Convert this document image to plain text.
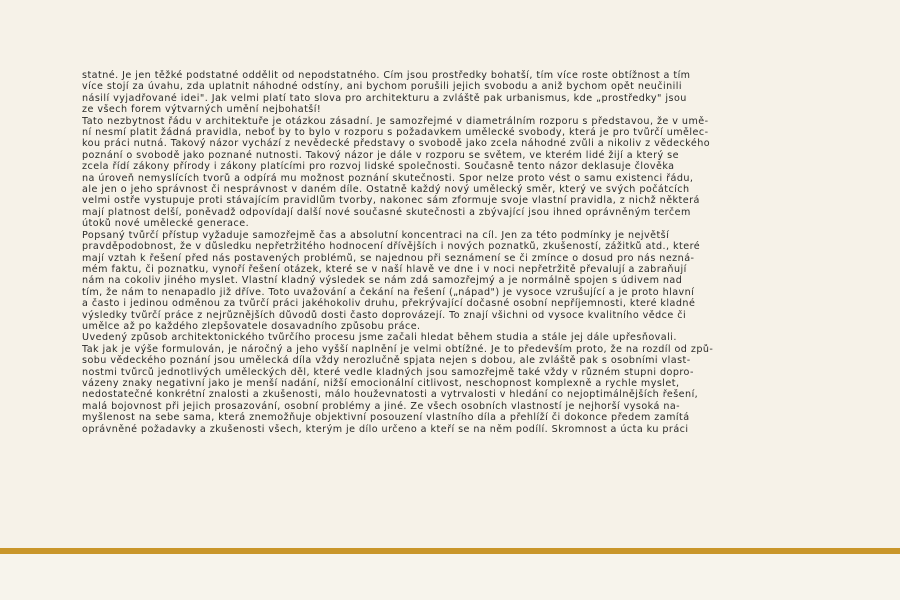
statné. Je jen těžké podstatné oddělit od nepodstatného. Čím jsou prostředky bohatší, tím více roste obtížnost a tím
více stojí za úvahu, zda uplatnit náhodné odstíny, ani bychom porušili jejich svobodu a aniž bychom opět neučinili
násilí vyjadřované idei". Jak velmi platí tato slova pro architekturu a zvláště pak urbanismus, kde „prostředky" jsou
ze všech forem výtvarných umění nejbohatší!
Tato nezbytnost řádu v architektuře je otázkou zásadní. Je samozřejmé v diametrálním rozporu s představou, že v umě-
ní nesmí platit žádná pravidla, neboť by to bylo v rozporu s požadavkem umělecké svobody, která je pro tvůrčí umělec-
kou práci nutná. Takový názor vychází z nevědecké představy o svobodě jako zcela náhodné zvůli a nikoliv z vědeckého
poznání o svobodě jako poznané nutnosti. Takový názor je dále v rozporu se světem, ve kterém lidé žijí a který se
zcela řídí zákony přírody i zákony platícími pro rozvoj lidské společnosti. Současně tento názor deklasuje člověka
na úroveň nemyslících tvorů a odpírá mu možnost poznání skutečnosti. Spor nelze proto vést o samu existenci řádu,
ale jen o jeho správnost či nesprávnost v daném díle. Ostatně každý nový umělecký směr, který ve svých počátcích
velmi ostře vystupuje proti stávajícím pravidlům tvorby, nakonec sám zformuje svoje vlastní pravidla, z nichž některá
mají platnost delší, poněvadž odpovídají další nové současné skutečnosti a zbývající jsou ihned oprávněným terčem
útoků nové umělecké generace.
Popsaný tvůrčí přístup vyžaduje samozřejmě čas a absolutní koncentraci na cíl. Jen za této podmínky je největší
pravděpodobnost, že v důsledku nepřetržitého hodnocení dřívějších i nových poznatků, zkušeností, zážitků atd., které
mají vztah k řešení před nás postavených problémů, se najednou při seznámení se či zmínce o dosud pro nás nezná-
mém faktu, či poznatku, vynoří řešení otázek, které se v naší hlavě ve dne i v noci nepřetržitě převalují a zabraňují
nám na cokoliv jiného myslet. Vlastní kladný výsledek se nám zdá samozřejmý a je normálně spojen s údivem nad
tím, že nám to nenapadlo již dříve. Toto uvažování a čekání na řešení („nápad") je vysoce vzrušující a je proto hlavní
a často i jedinou odměnou za tvůrčí práci jakéhokoliv druhu, překrývající dočasné osobní nepříjemnosti, které kladné
výsledky tvůrčí práce z nejrůznějších důvodů dosti často doprovázejí. To znají všichni od vysoce kvalitního vědce či
umělce až po každého zlepšovatele dosavadního způsobu práce.
Uvedený způsob architektonického tvůrčího procesu jsme začali hledat během studia a stále jej dále upřesňovali.
Tak jak je výše formulován, je náročný a jeho vyšší naplnění je velmi obtížné. Je to především proto, že na rozdíl od způ-
sobu vědeckého poznání jsou umělecká díla vždy nerozlučně spjata nejen s dobou, ale zvláště pak s osobními vlast-
nostmi tvůrců jednotlivých uměleckých děl, které vedle kladných jsou samozřejmě také vždy v různém stupni dopro-
vázeny znaky negativní jako je menší nadání, nižší emocionální citlivost, neschopnost komplexně a rychle myslet,
nedostatečné konkrétní znalosti a zkušenosti, málo houževnatosti a vytrvalosti v hledání co nejoptimálnějších řešení,
malá bojovnost při jejich prosazování, osobní problémy a jiné. Ze všech osobních vlastností je nejhorší vysoká na-
myšlenost na sebe sama, která znemožňuje objektivní posouzení vlastního díla a přehlíží či dokonce předem zamítá
oprávněné požadavky a zkušenosti všech, kterým je dílo určeno a kteří se na něm podílí. Skromnost a úcta ku práci
